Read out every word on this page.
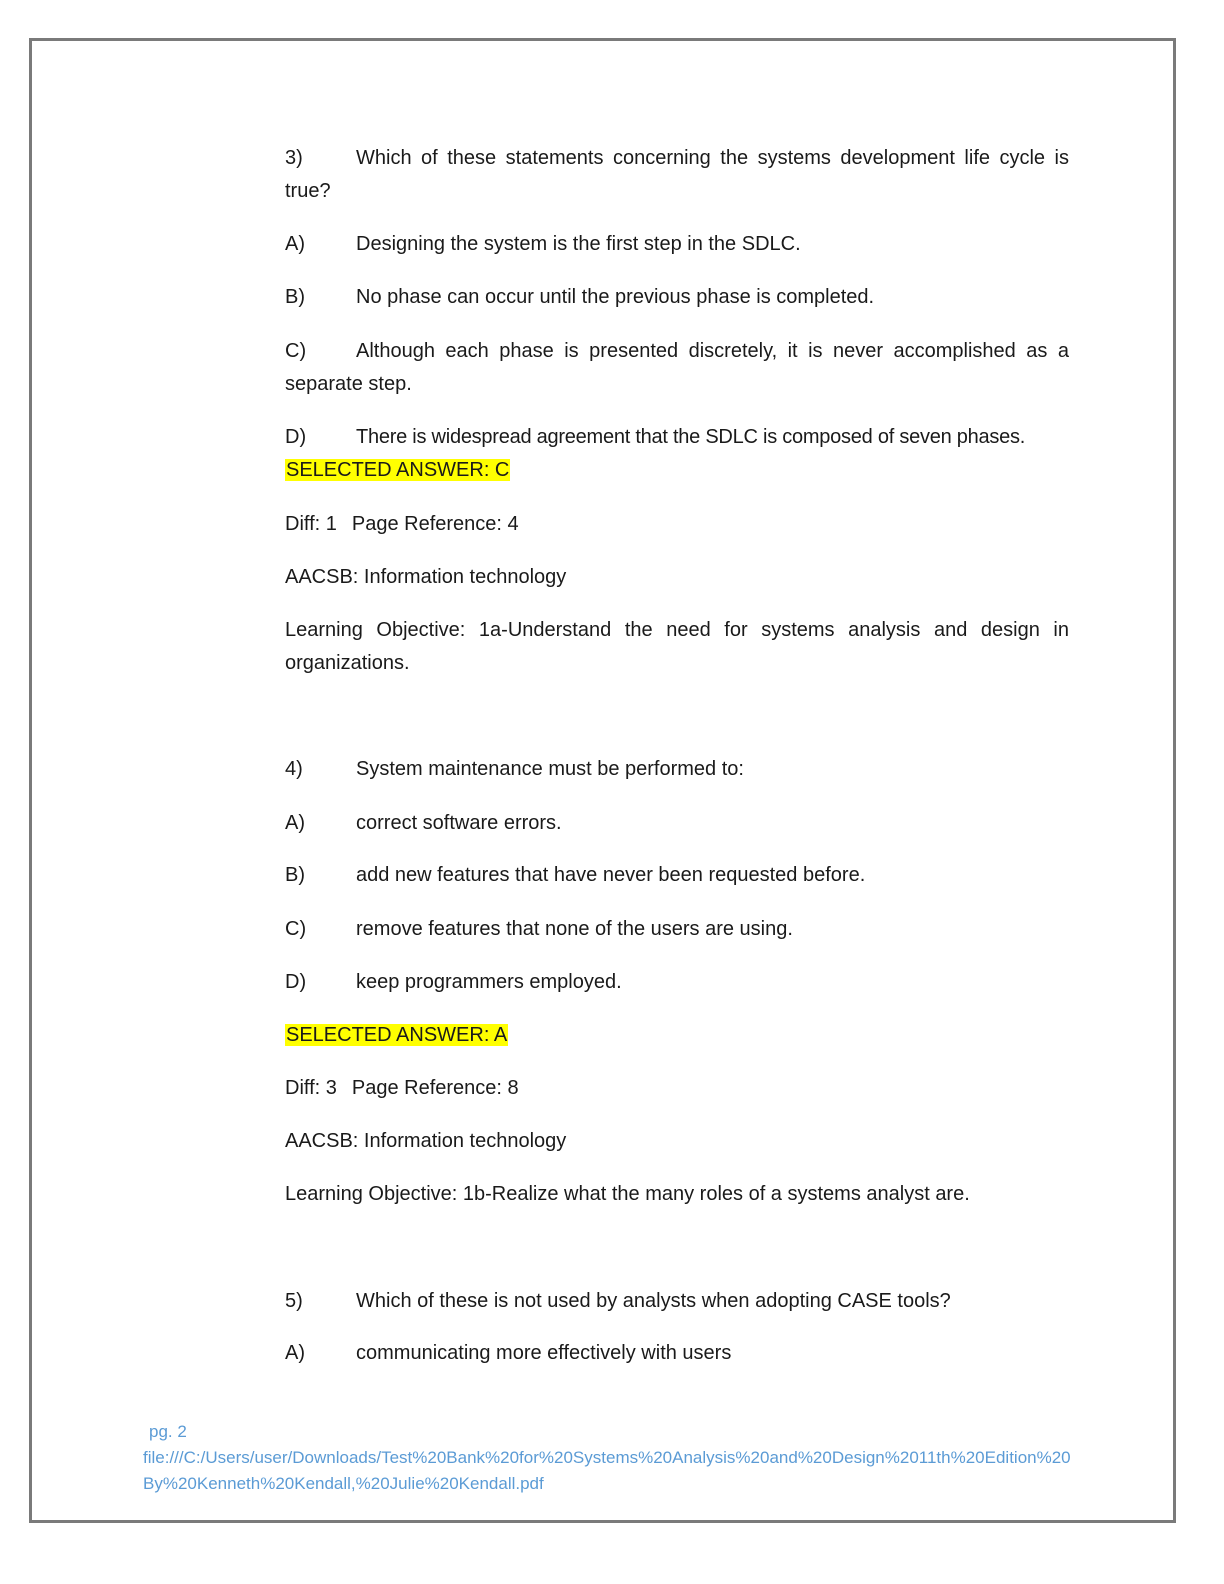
3)	Which of these statements concerning the systems development life cycle is true?
A)	Designing the system is the first step in the SDLC.
B)	No phase can occur until the previous phase is completed.
C) Although each phase is presented discretely, it is never accomplished as a separate step.
D) There is widespread agreement that the SDLC is composed of seven phases.
SELECTED ANSWER: C
Diff: 1 Page Reference: 4
AACSB: Information technology
Learning Objective: 1a-Understand the need for systems analysis and design in organizations.
4)	System maintenance must be performed to:
A)	correct software errors.
B)	add new features that have never been requested before.
C) remove features that none of the users are using.
D) keep programmers employed.
SELECTED ANSWER: A
Diff: 3 Page Reference: 8
AACSB: Information technology
Learning Objective: 1b-Realize what the many roles of a systems analyst are.
5)	Which of these is not used by analysts when adopting CASE tools?
A)	communicating more effectively with users
pg. 2
file:///C:/Users/user/Downloads/Test%20Bank%20for%20Systems%20Analysis%20and%20Design%2011th%20Edition%20By%20Kenneth%20Kendall,%20Julie%20Kendall.pdf
